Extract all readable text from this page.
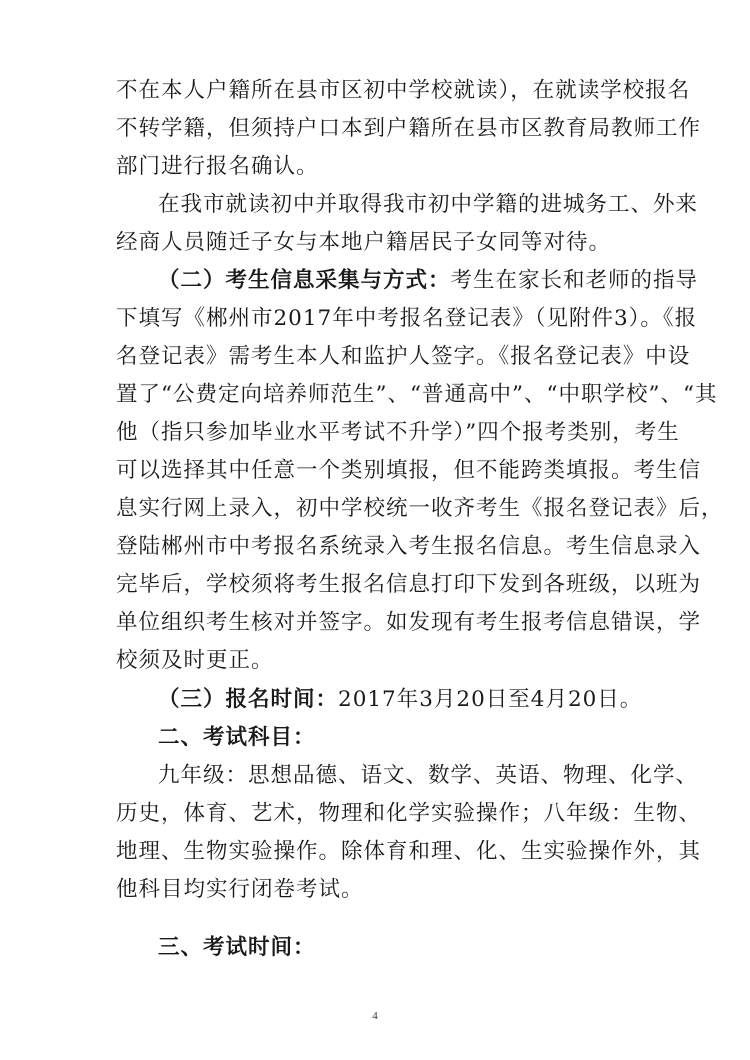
不在本人户籍所在县市区初中学校就读），在就读学校报名
不转学籍，但须持户口本到户籍所在县市区教育局教师工作
部门进行报名确认。
在我市就读初中并取得我市初中学籍的进城务工、外来
经商人员随迁子女与本地户籍居民子女同等对待。
（二）考生信息采集与方式：考生在家长和老师的指导
下填写《郴州市2017年中考报名登记表》（见附件3）。《报
名登记表》需考生本人和监护人签字。《报名登记表》中设
置了“公费定向培养师范生”、“普通高中”、“中职学校”、“其
他（指只参加毕业水平考试不升学）”四个报考类别，考生
可以选择其中任意一个类别填报，但不能跨类填报。考生信
息实行网上录入，初中学校统一收齐考生《报名登记表》后，
登陆郴州市中考报名系统录入考生报名信息。考生信息录入
完毕后，学校须将考生报名信息打印下发到各班级，以班为
单位组织考生核对并签字。如发现有考生报考信息错误，学
校须及时更正。
（三）报名时间：2017年3月20日至4月20日。
二、考试科目：
九年级：思想品德、语文、数学、英语、物理、化学、
历史，体育、艺术，物理和化学实验操作；八年级：生物、
地理、生物实验操作。除体育和理、化、生实验操作外，其
他科目均实行闭卷考试。
三、考试时间：
4
